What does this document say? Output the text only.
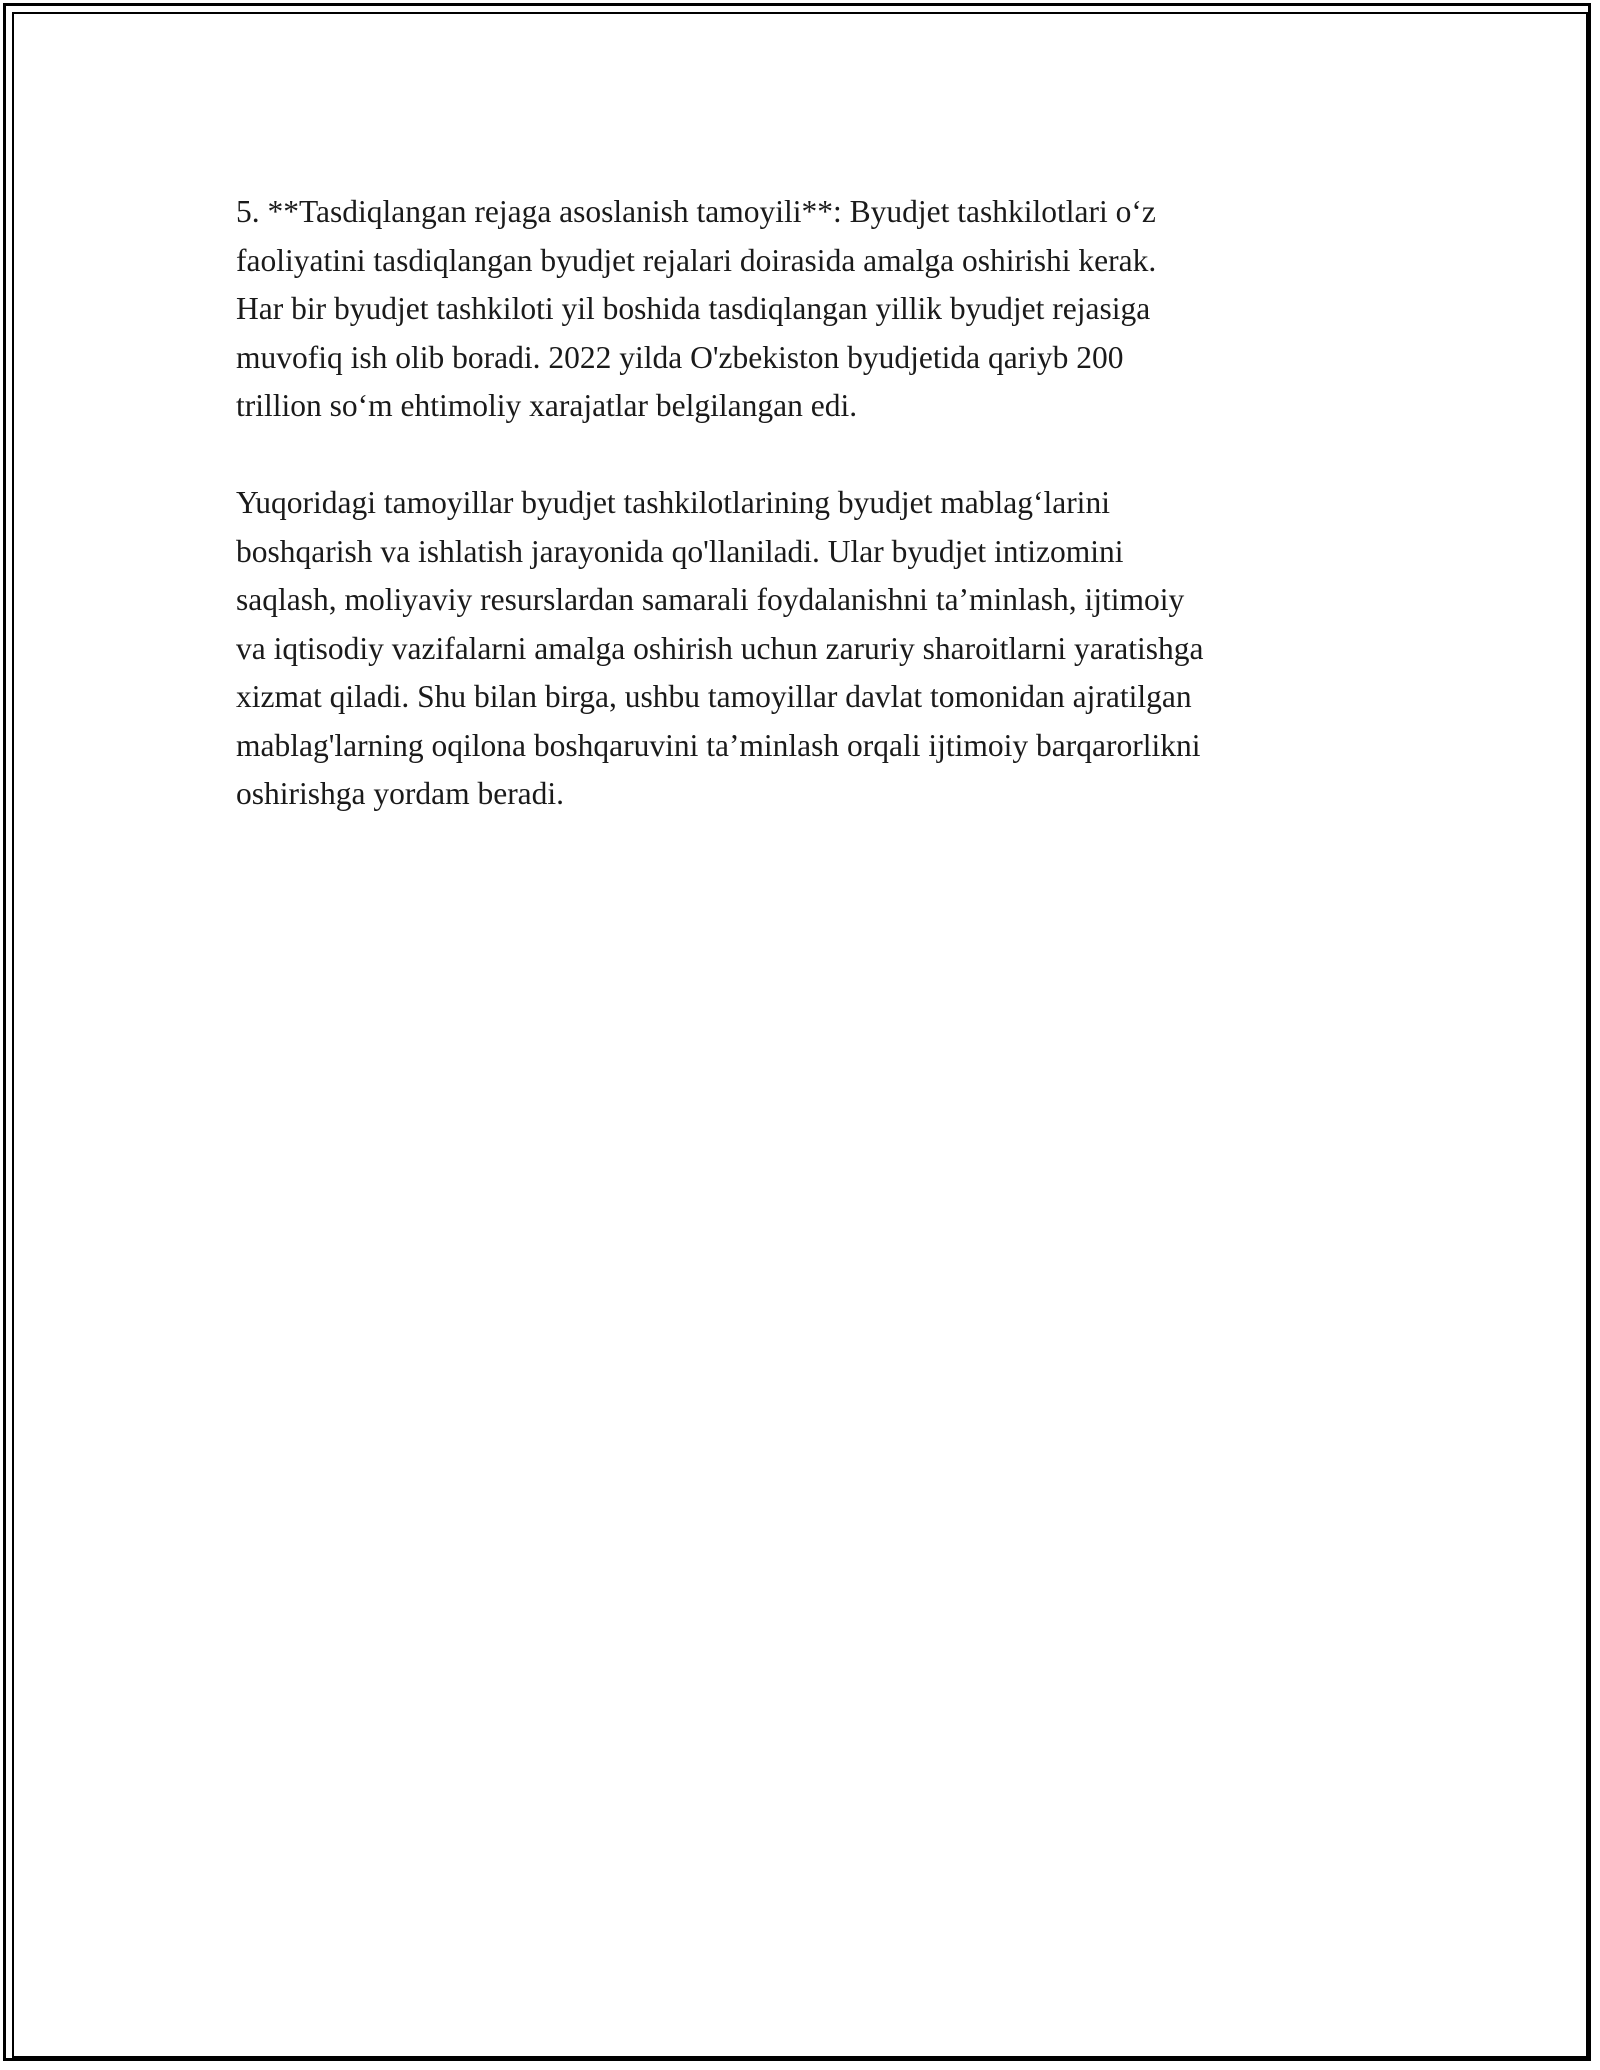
5. **Tasdiqlangan rejaga asoslanish tamoyili**: Byudjet tashkilotlari o‘z
faoliyatini tasdiqlangan byudjet rejalari doirasida amalga oshirishi kerak.
Har bir byudjet tashkiloti yil boshida tasdiqlangan yillik byudjet rejasiga
muvofiq ish olib boradi. 2022 yilda O'zbekiston byudjetida qariyb 200
trillion so‘m ehtimoliy xarajatlar belgilangan edi.

Yuqoridagi tamoyillar byudjet tashkilotlarining byudjet mablag‘larini
boshqarish va ishlatish jarayonida qo'llaniladi. Ular byudjet intizomini
saqlash, moliyaviy resurslardan samarali foydalanishni ta’minlash, ijtimoiy
va iqtisodiy vazifalarni amalga oshirish uchun zaruriy sharoitlarni yaratishga
xizmat qiladi. Shu bilan birga, ushbu tamoyillar davlat tomonidan ajratilgan
mablag'larning oqilona boshqaruvini ta’minlash orqali ijtimoiy barqarorlikni
oshirishga yordam beradi.
